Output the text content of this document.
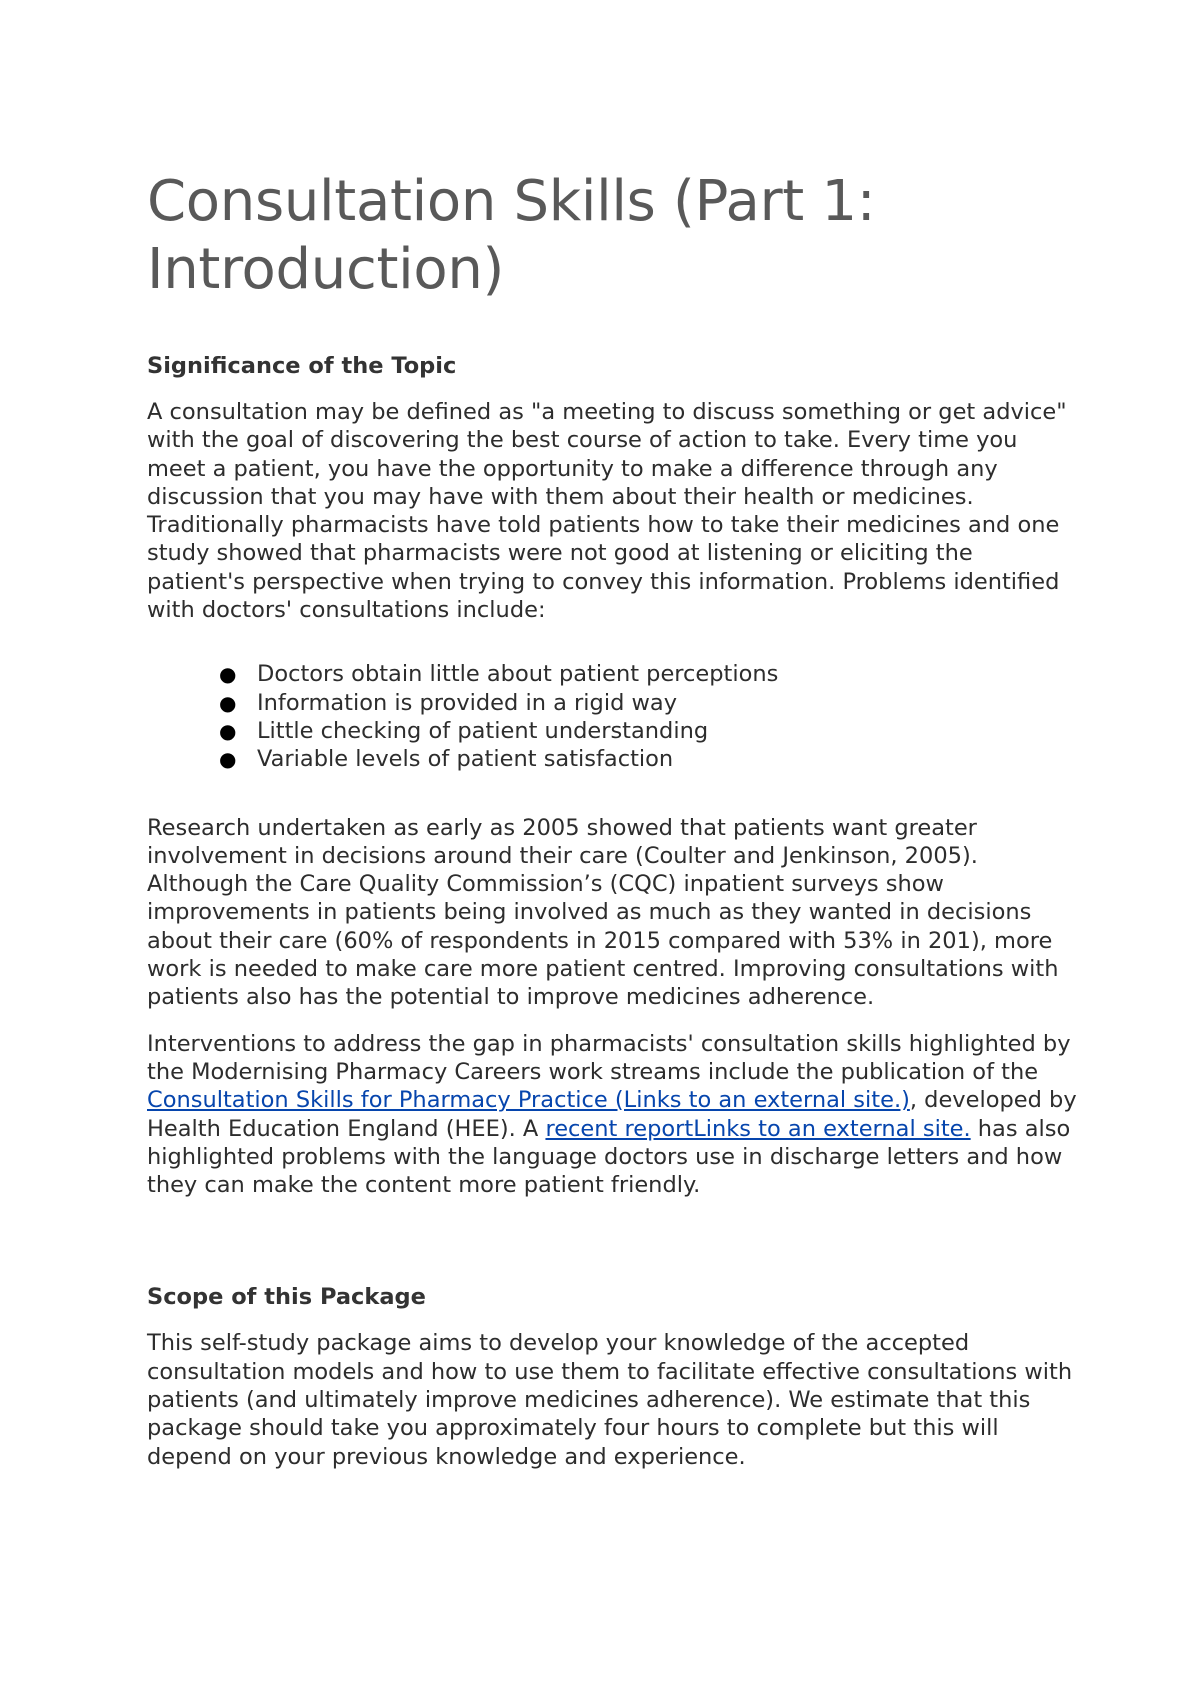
Consultation Skills (Part 1: Introduction)
Significance of the Topic

A consultation may be defined as "a meeting to discuss something or get advice" with the goal of discovering the best course of action to take. Every time you meet a patient, you have the opportunity to make a difference through any discussion that you may have with them about their health or medicines. Traditionally pharmacists have told patients how to take their medicines and one study showed that pharmacists were not good at listening or eliciting the patient's perspective when trying to convey this information. Problems identified with doctors' consultations include:

● Doctors obtain little about patient perceptions
● Information is provided in a rigid way
● Little checking of patient understanding
● Variable levels of patient satisfaction

Research undertaken as early as 2005 showed that patients want greater involvement in decisions around their care (Coulter and Jenkinson, 2005). Although the Care Quality Commission’s (CQC) inpatient surveys show improvements in patients being involved as much as they wanted in decisions about their care (60% of respondents in 2015 compared with 53% in 201), more work is needed to make care more patient centred. Improving consultations with patients also has the potential to improve medicines adherence.

Interventions to address the gap in pharmacists' consultation skills highlighted by the Modernising Pharmacy Careers work streams include the publication of the Consultation Skills for Pharmacy Practice (Links to an external site.), developed by Health Education England (HEE). A recent reportLinks to an external site. has also highlighted problems with the language doctors use in discharge letters and how they can make the content more patient friendly.

Scope of this Package

This self-study package aims to develop your knowledge of the accepted consultation models and how to use them to facilitate effective consultations with patients (and ultimately improve medicines adherence). We estimate that this package should take you approximately four hours to complete but this will depend on your previous knowledge and experience.
